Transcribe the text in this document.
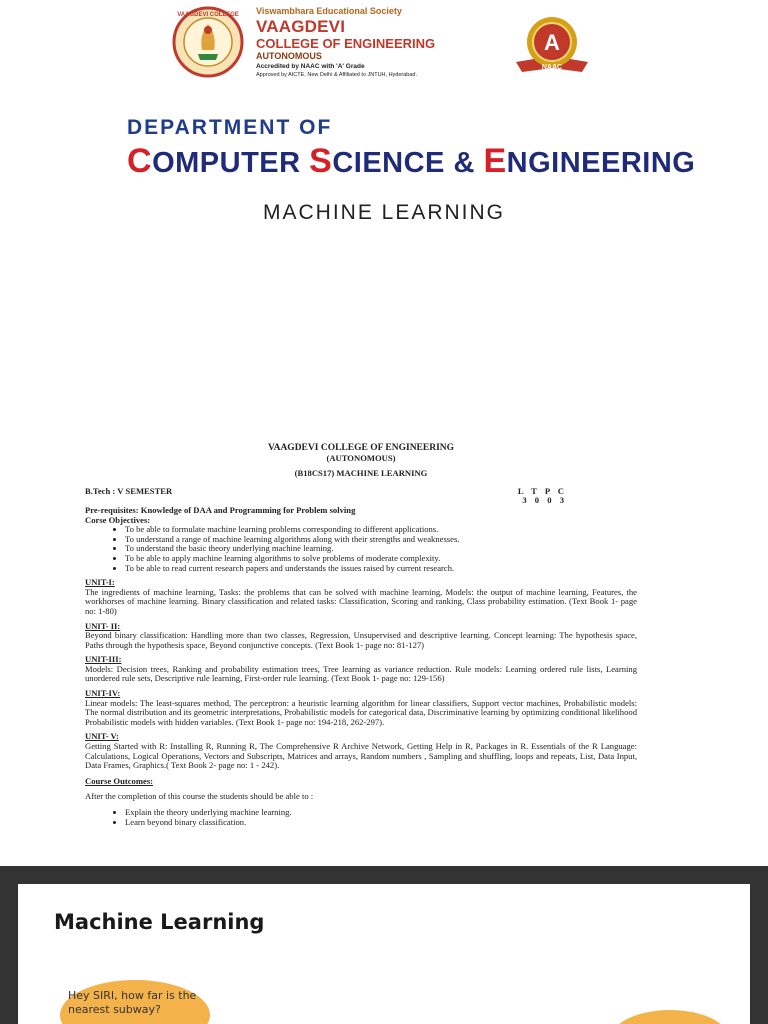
VAAGDEVI COLLEGE Viswambhara Educational Society
VAAGDEVI
COLLEGE OF ENGINEERING
AUTONOMOUS
Accredited by NAAC with 'A' Grade
Approved by AICTE, New Delhi & Affiliated to JNTUH, Hyderabad.
A
NAAC
DEPARTMENT OF
COMPUTER SCIENCE & ENGINEERING
MACHINE LEARNING
VAAGDEVI COLLEGE OF ENGINEERING
(AUTONOMOUS)
(B18CS17) MACHINE LEARNING
B.Tech : V SEMESTER	L T P C
3 0 0 3
Pre-requisites: Knowledge of DAA and Programming for Problem solving
Corse Objectives:
• To be able to formulate machine learning problems corresponding to different applications.
• To understand a range of machine learning algorithms along with their strengths and weaknesses.
• To understand the basic theory underlying machine learning.
• To be able to apply machine learning algorithms to solve problems of moderate complexity.
• To be able to read current research papers and understands the issues raised by current research.
UNIT-I:
The ingredients of machine learning, Tasks: the problems that can be solved with machine learning, Models: the output of machine learning, Features, the workhorses of machine learning. Binary classification and related tasks: Classification, Scoring and ranking, Class probability estimation. (Text Book 1- page no: 1-80)
UNIT- II:
Beyond binary classification: Handling more than two classes, Regression, Unsupervised and descriptive learning. Concept learning: The hypothesis space, Paths through the hypothesis space, Beyond conjunctive concepts. (Text Book 1- page no: 81-127)
UNIT-III:
Models: Decision trees, Ranking and probability estimation trees, Tree learning as variance reduction. Rule models: Learning ordered rule lists, Learning unordered rule sets, Descriptive rule learning, First-order rule learning. (Text Book 1- page no: 129-156)
UNIT-IV:
Linear models: The least-squares method, The perceptron: a heuristic learning algorithm for linear classifiers, Support vector machines, Probabilistic models: The normal distribution and its geometric interpretations, Probabilistic models for categorical data, Discriminative learning by optimizing conditional likelihood Probabilistic models with hidden variables. (Text Book 1- page no: 194-218, 262-297).
UNIT- V:
Getting Started with R: Installing R, Running R, The Comprehensive R Archive Network, Getting Help in R, Packages in R. Essentials of the R Language: Calculations, Logical Operations, Vectors and Subscripts, Matrices and arrays, Random numbers , Sampling and shuffling, loops and repeats, List, Data Input, Data Frames, Graphics.( Text Book 2- page no: 1 - 242).
Course Outcomes:
After the completion of this course the students should be able to :
• Explain the theory underlying machine learning.
• Learn beyond binary classification.
Machine Learning
Hey SIRI, how far is the nearest subway?
